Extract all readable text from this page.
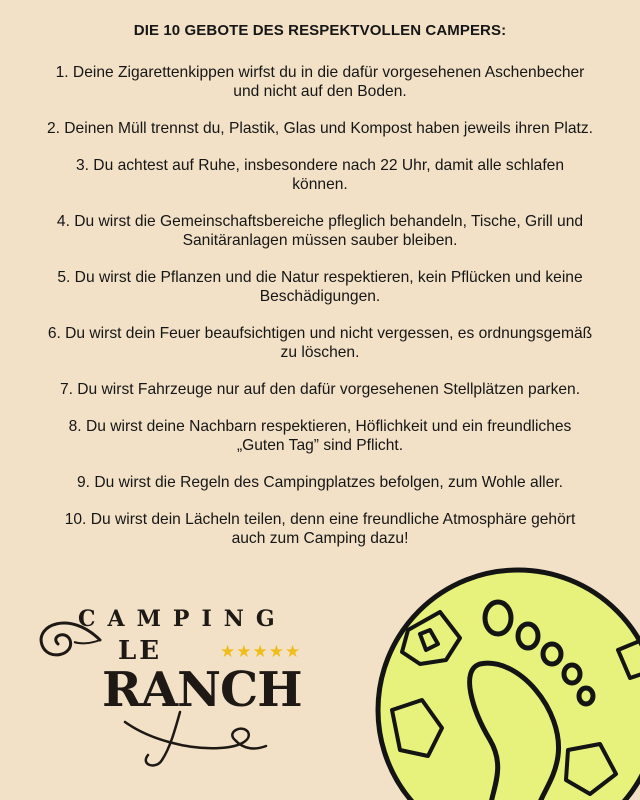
DIE 10 GEBOTE DES RESPEKTVOLLEN CAMPERS:
1. Deine Zigarettenkippen wirfst du in die dafür vorgesehenen Aschenbecher
und nicht auf den Boden.
2. Deinen Müll trennst du, Plastik, Glas und Kompost haben jeweils ihren Platz.
3. Du achtest auf Ruhe, insbesondere nach 22 Uhr, damit alle schlafen
können.
4. Du wirst die Gemeinschaftsbereiche pfleglich behandeln, Tische, Grill und
Sanitäranlagen müssen sauber bleiben.
5. Du wirst die Pflanzen und die Natur respektieren, kein Pflücken und keine
Beschädigungen.
6. Du wirst dein Feuer beaufsichtigen und nicht vergessen, es ordnungsgemäß
zu löschen.
7. Du wirst Fahrzeuge nur auf den dafür vorgesehenen Stellplätzen parken.
8. Du wirst deine Nachbarn respektieren, Höflichkeit und ein freundliches
„Guten Tag” sind Pflicht.
9. Du wirst die Regeln des Campingplatzes befolgen, zum Wohle aller.
10. Du wirst dein Lächeln teilen, denn eine freundliche Atmosphäre gehört
auch zum Camping dazu!
CAMPING
LE	★★★★★
RANCH
